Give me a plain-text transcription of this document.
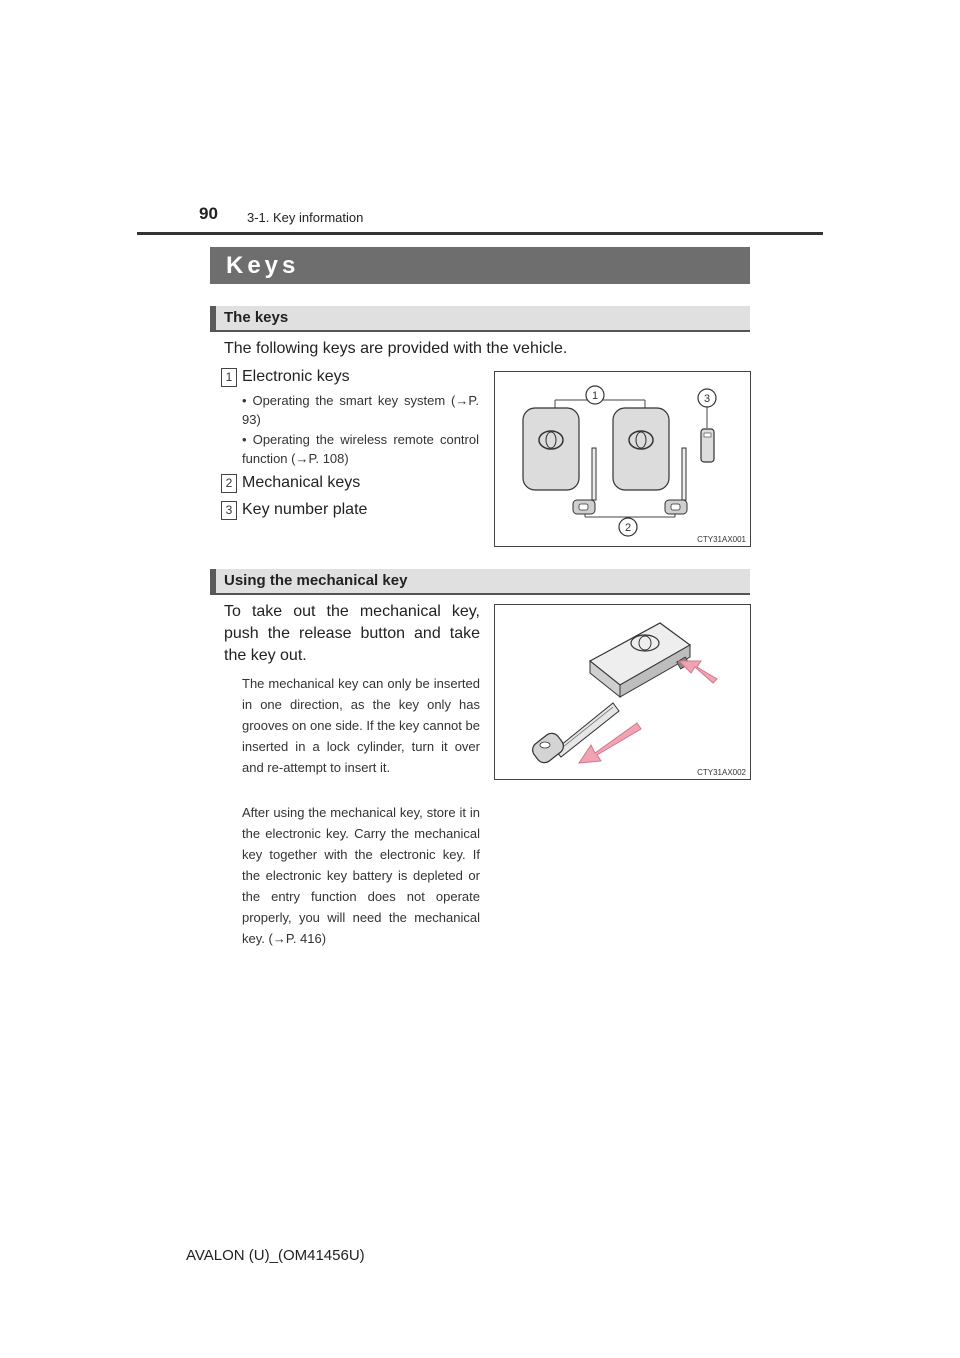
90 3-1. Key information
Keys
The keys
The following keys are provided with the vehicle.
1 Electronic keys
• Operating the smart key system (→P. 93)
• Operating the wireless remote control function (→P. 108)
2 Mechanical keys
3 Key number plate
1
2
3
CTY31AX001
Using the mechanical key
To take out the mechanical key, push the release button and take the key out.
The mechanical key can only be inserted in one direction, as the key only has grooves on one side. If the key cannot be inserted in a lock cylinder, turn it over and re-attempt to insert it.
After using the mechanical key, store it in the electronic key. Carry the mechanical key together with the electronic key. If the electronic key battery is depleted or the entry function does not operate properly, you will need the mechanical key. (→P. 416)
CTY31AX002
AVALON (U)_(OM41456U)
